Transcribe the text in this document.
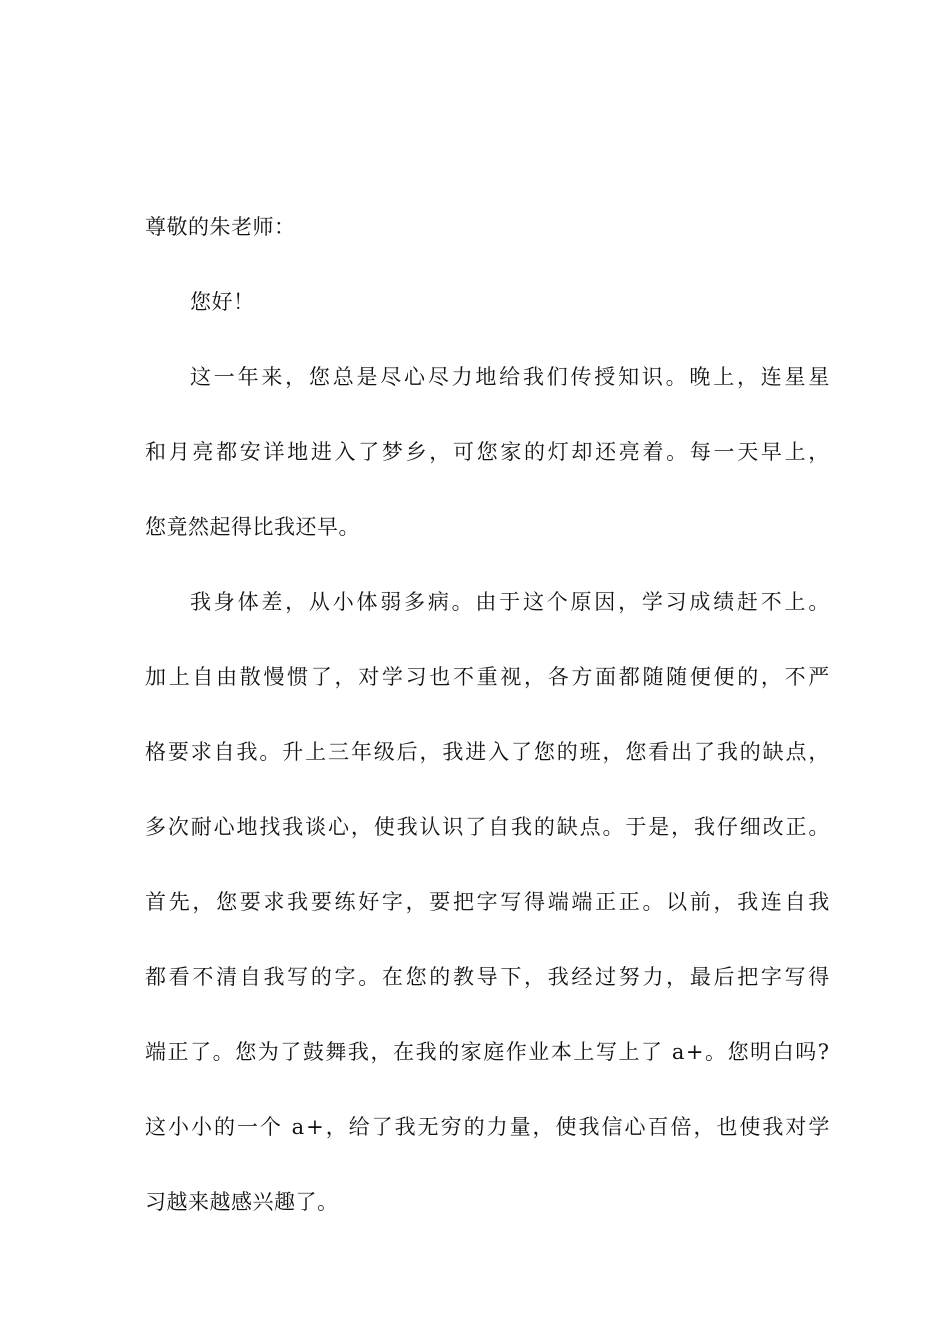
尊敬的朱老师：
您好！
这 一 年 来 ， 您 总 是 尽 心 尽 力 地 给 我 们 传 授 知 识 。 晚 上 ， 连 星 星
和 月 亮 都 安 详 地 进 入 了 梦 乡 ， 可 您 家 的 灯 却 还 亮 着 。 每 一 天 早 上 ，
您竟然起得比我还早。
我 身 体 差 ， 从 小 体 弱 多 病 。 由 于 这 个 原 因 ， 学 习 成 绩 赶 不 上 。
加 上 自 由 散 慢 惯 了 ， 对 学 习 也 不 重 视 ， 各 方 面 都 随 随 便 便 的 ， 不 严
格 要 求 自 我 。 升 上 三 年 级 后 ， 我 进 入 了 您 的 班 ， 您 看 出 了 我 的 缺 点 ，
多 次 耐 心 地 找 我 谈 心 ， 使 我 认 识 了 自 我 的 缺 点 。 于 是 ， 我 仔 细 改 正 。
首 先 ， 您 要 求 我 要 练 好 字 ， 要 把 字 写 得 端 端 正 正 。 以 前 ， 我 连 自 我
都 看 不 清 自 我 写 的 字 。 在 您 的 教 导 下 ， 我 经 过 努 力 ， 最 后 把 字 写 得
端 正 了 。 您 为 了 鼓 舞 我 ， 在 我 的 家 庭 作 业 本 上 写 上 了
a + 。 您 明 白 吗 ?
这 小 小 的 一 个
a + ， 给 了 我 无 穷 的 力 量 ， 使 我 信 心 百 倍 ， 也 使 我 对 学
习越来越感兴趣了。
